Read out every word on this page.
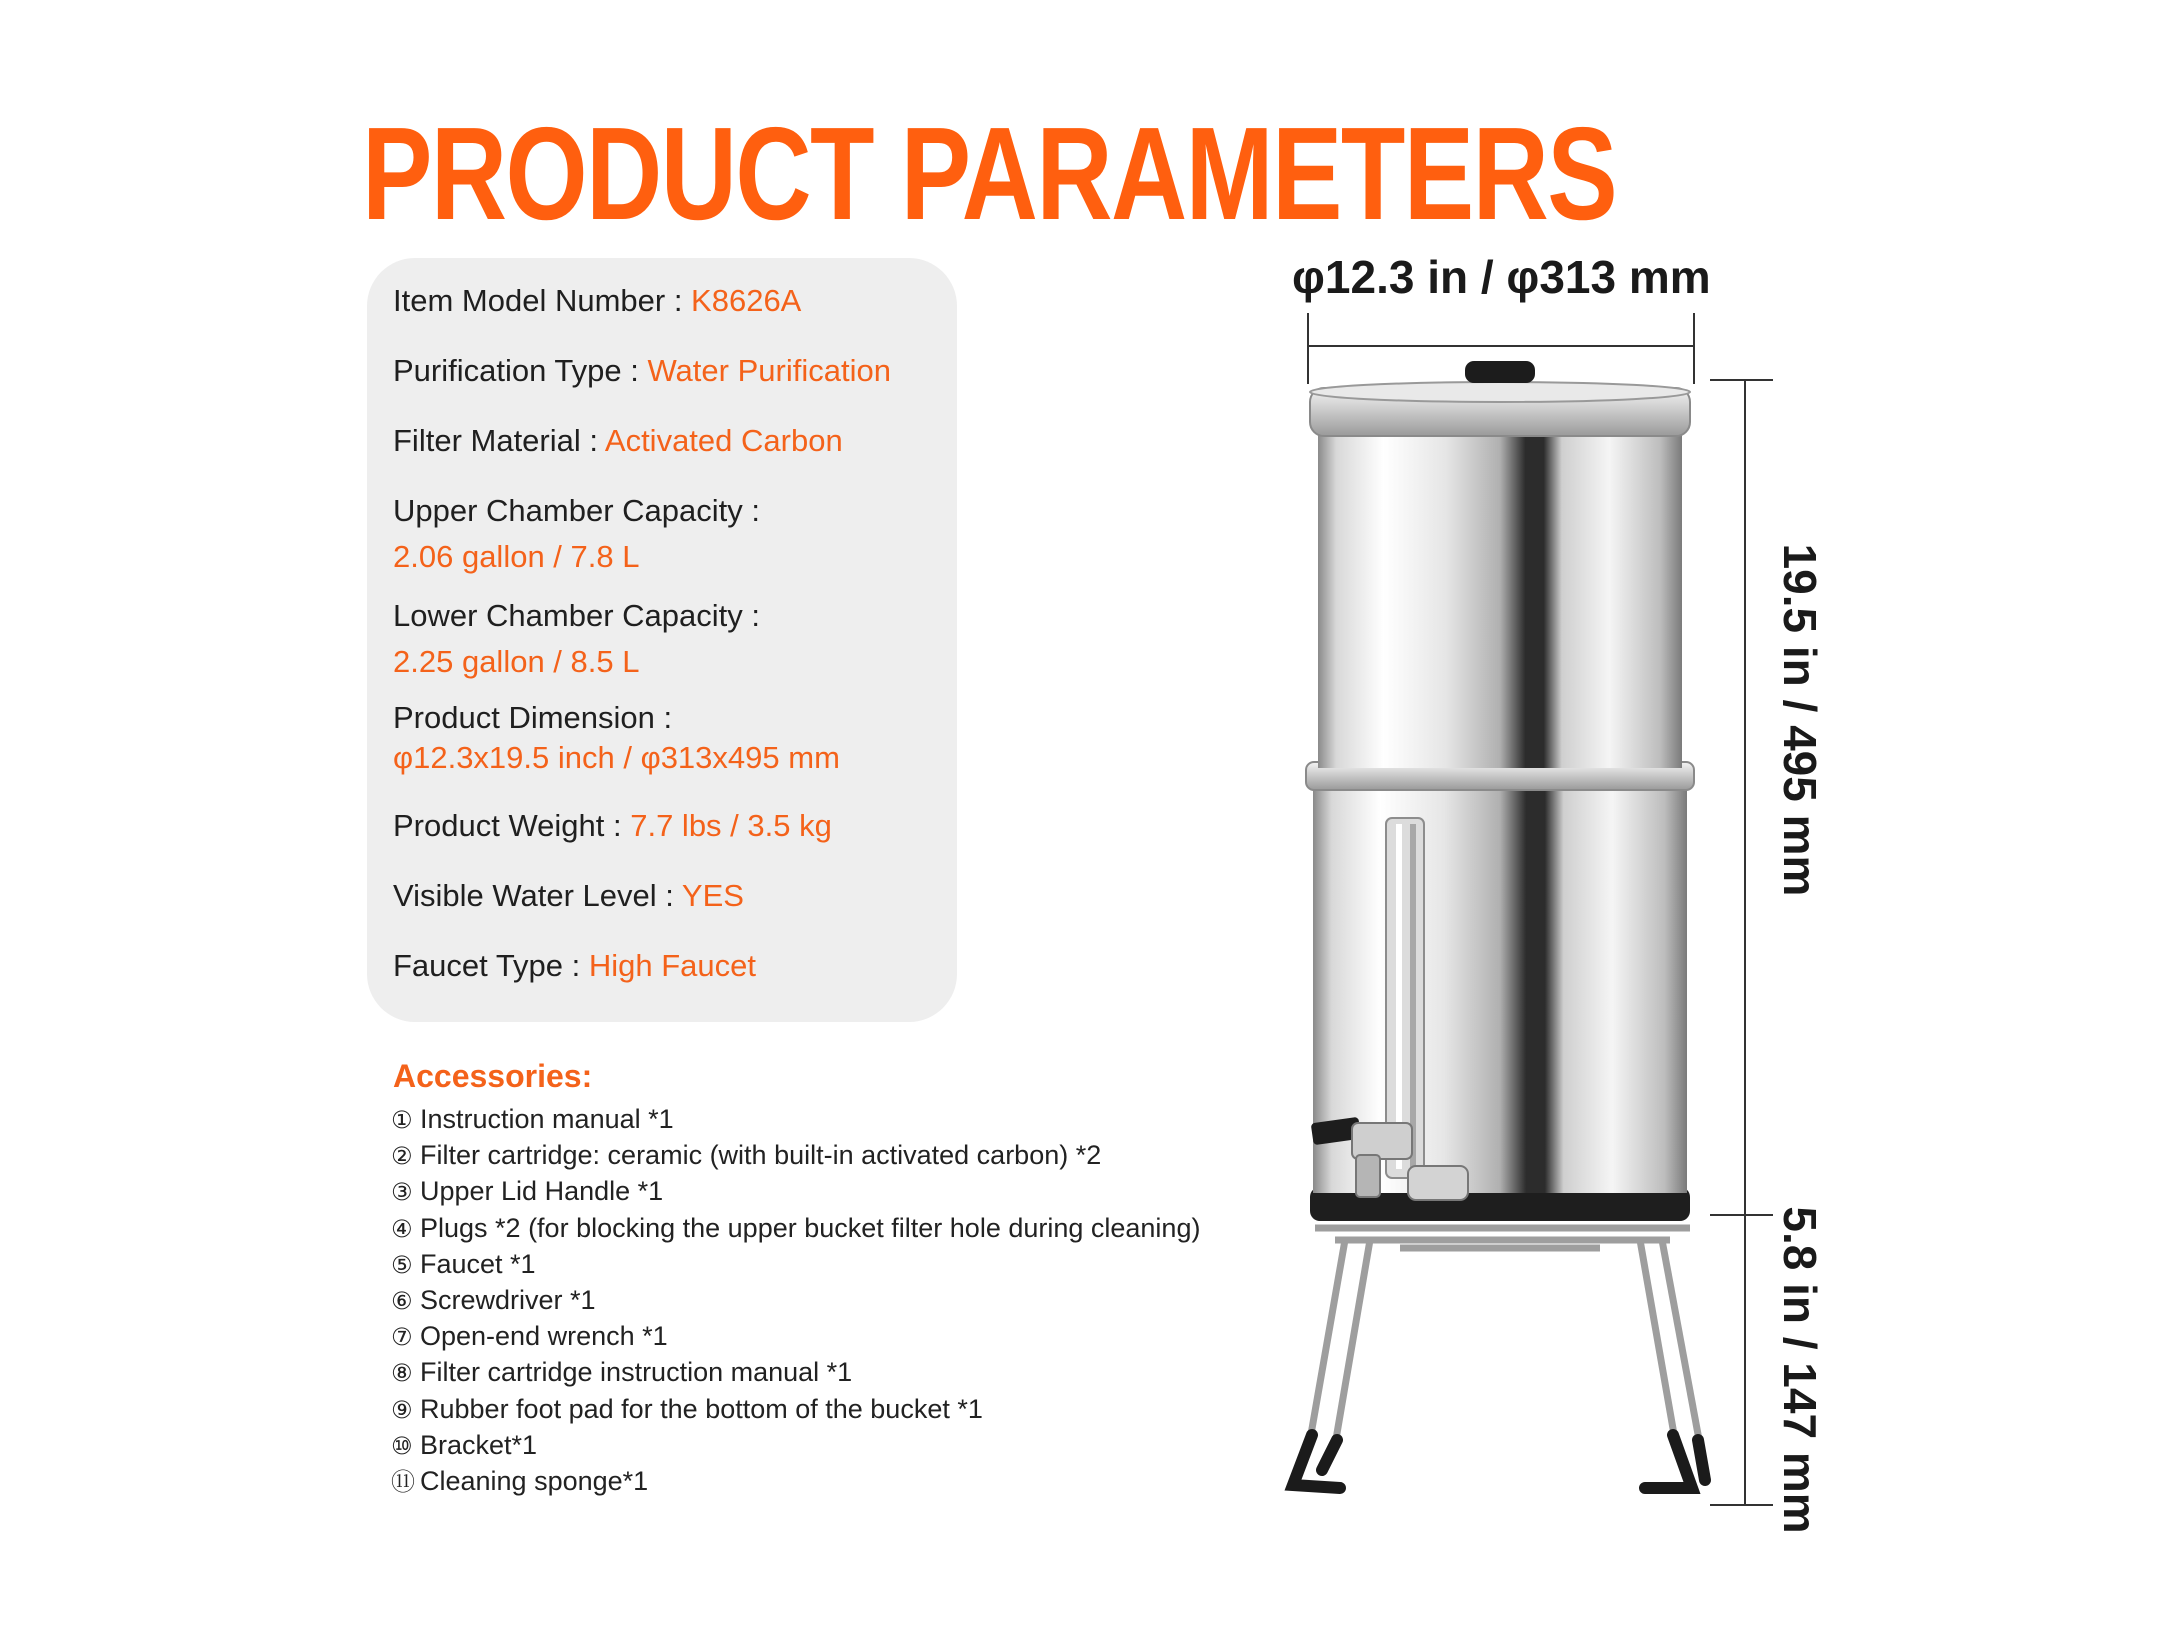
PRODUCT PARAMETERS
Item Model Number : K8626A
Purification Type : Water Purification
Filter Material : Activated Carbon
Upper Chamber Capacity :
2.06 gallon / 7.8 L
Lower Chamber Capacity :
2.25 gallon / 8.5 L
Product Dimension :
φ12.3x19.5 inch / φ313x495 mm
Product Weight : 7.7 lbs / 3.5 kg
Visible Water Level : YES
Faucet Type : High Faucet
Accessories:
① Instruction manual *1
② Filter cartridge: ceramic (with built-in activated carbon) *2
③ Upper Lid Handle *1
④ Plugs *2 (for blocking the upper bucket filter hole during cleaning)
⑤ Faucet *1
⑥ Screwdriver *1
⑦ Open-end wrench *1
⑧ Filter cartridge instruction manual *1
⑨ Rubber foot pad for the bottom of the bucket *1
⑩ Bracket*1
⑪ Cleaning sponge*1
φ12.3 in / φ313 mm
19.5 in / 495 mm
5.8 in / 147 mm
